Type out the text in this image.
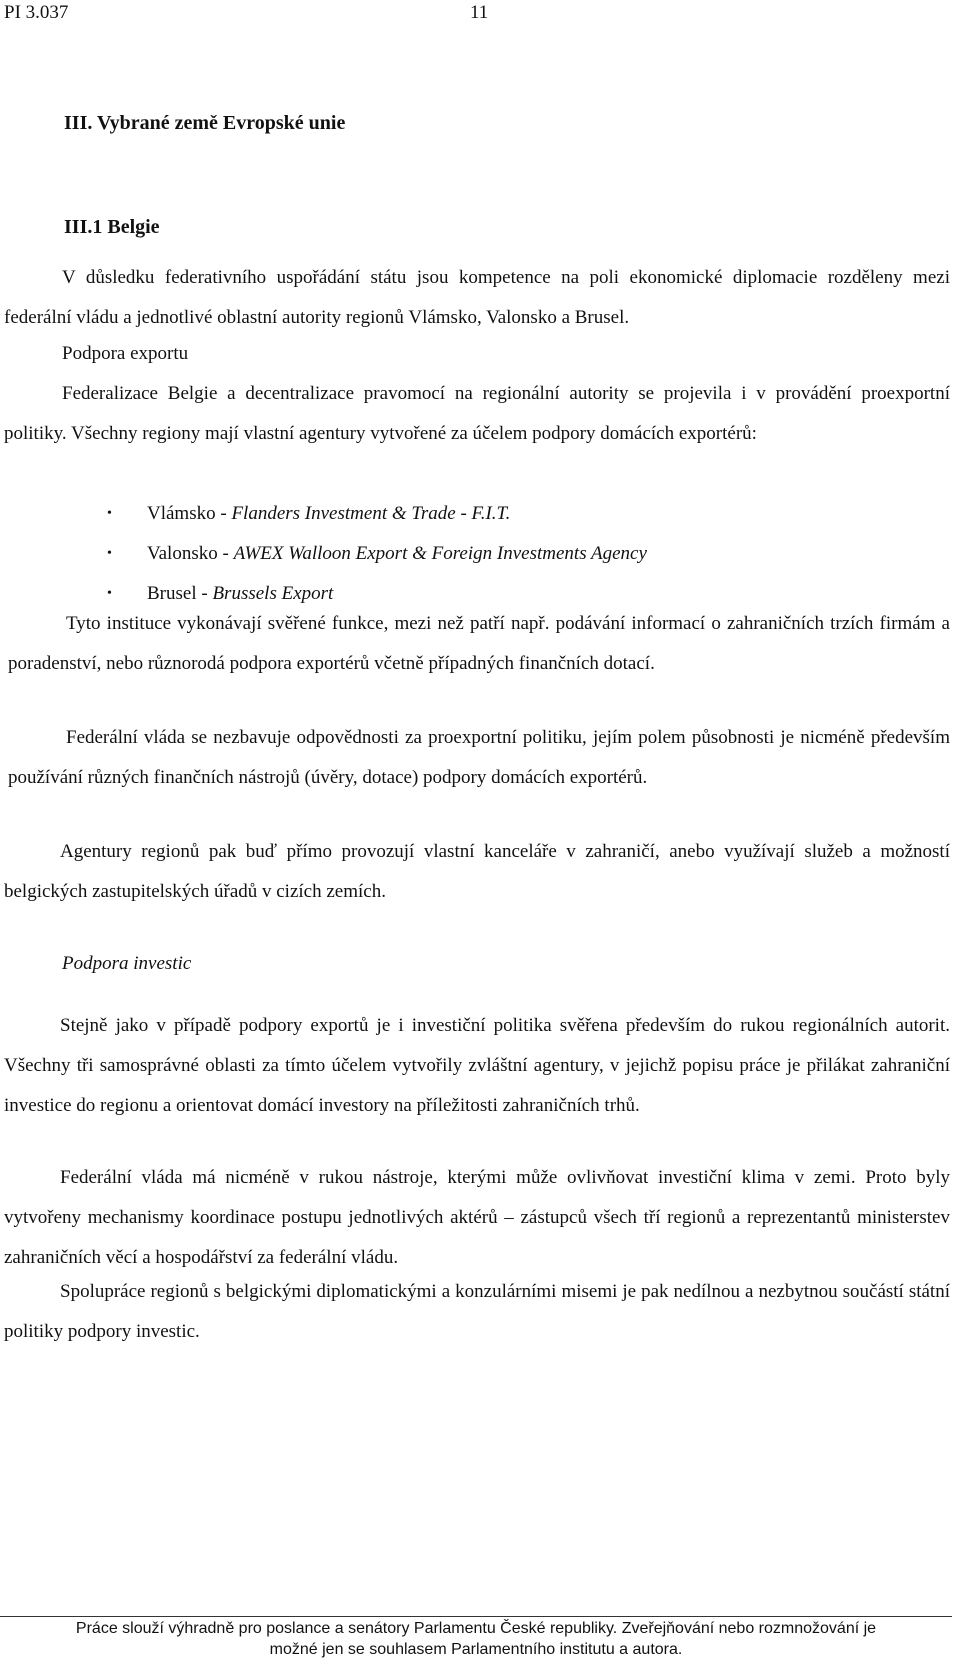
PI 3.037	11
III. Vybrané země Evropské unie
III.1 Belgie
V důsledku federativního uspořádání státu jsou kompetence na poli ekonomické diplomacie rozděleny mezi federální vládu a jednotlivé oblastní autority regionů Vlámsko, Valonsko a Brusel.
Podpora exportu
Federalizace Belgie a decentralizace pravomocí na regionální autority se projevila i v provádění proexportní politiky. Všechny regiony mají vlastní agentury vytvořené za účelem podpory domácích exportérů:
• Vlámsko - Flanders Investment & Trade - F.I.T.
• Valonsko - AWEX Walloon Export & Foreign Investments Agency
• Brusel - Brussels Export
Tyto instituce vykonávají svěřené funkce, mezi než patří např. podávání informací o zahraničních trzích firmám a poradenství, nebo různorodá podpora exportérů včetně případných finančních dotací.
Federální vláda se nezbavuje odpovědnosti za proexportní politiku, jejím polem působnosti je nicméně především používání různých finančních nástrojů (úvěry, dotace) podpory domácích exportérů.
Agentury regionů pak buď přímo provozují vlastní kanceláře v zahraničí, anebo využívají služeb a možností belgických zastupitelských úřadů v cizích zemích.
Podpora investic
Stejně jako v případě podpory exportů je i investiční politika svěřena především do rukou regionálních autorit. Všechny tři samosprávné oblasti za tímto účelem vytvořily zvláštní agentury, v jejichž popisu práce je přilákat zahraniční investice do regionu a orientovat domácí investory na příležitosti zahraničních trhů.
Federální vláda má nicméně v rukou nástroje, kterými může ovlivňovat investiční klima v zemi. Proto byly vytvořeny mechanismy koordinace postupu jednotlivých aktérů – zástupců všech tří regionů a reprezentantů ministerstev zahraničních věcí a hospodářství za federální vládu.
Spolupráce regionů s belgickými diplomatickými a konzulárními misemi je pak nedílnou a nezbytnou součástí státní politiky podpory investic.
Práce slouží výhradně pro poslance a senátory Parlamentu České republiky. Zveřejňování nebo rozmnožování je
možné jen se souhlasem Parlamentního institutu a autora.
